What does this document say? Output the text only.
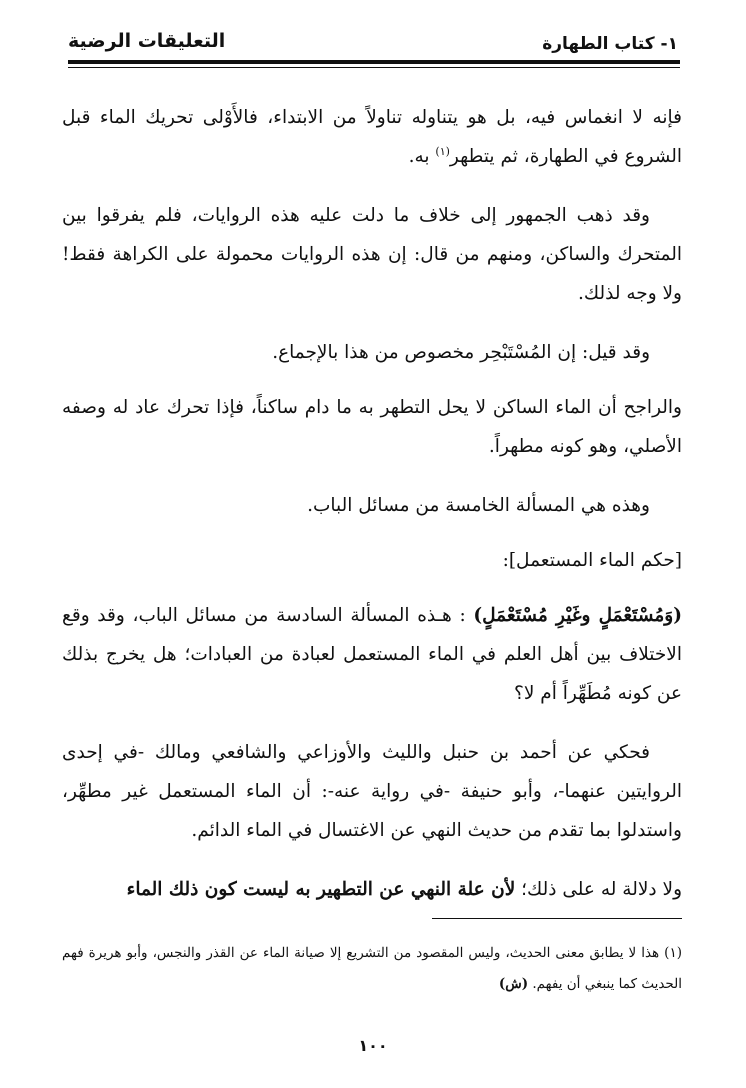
١- كتاب الطهارة
التعليقات الرضية

فإنه لا انغماس فيه، بل هو يتناوله تناولاً من الابتداء، فالأَوْلى تحريك الماء قبل الشروع في الطهارة، ثم يتطهر$^{(١)}$ به.

وقد ذهب الجمهور إلى خلاف ما دلت عليه هذه الروايات، فلم يفرقوا بين المتحرك والساكن، ومنهم من قال: إن هذه الروايات محمولة على الكراهة فقط! ولا وجه لذلك.

وقد قيل: إن المُسْتَبْحِر مخصوص من هذا بالإجماع.

والراجح أن الماء الساكن لا يحل التطهر به ما دام ساكناً، فإذا تحرك عاد له وصفه الأصلي، وهو كونه مطهراً.

وهذه هي المسألة الخامسة من مسائل الباب.

[حكم الماء المستعمل]:

(وَمُسْتَعْمَلٍ وغَيْرِ مُسْتَعْمَلٍ) : هـذه المسألة السادسة من مسائل الباب، وقد وقع الاختلاف بين أهل العلم في الماء المستعمل لعبادة من العبادات؛ هل يخرج بذلك عن كونه مُطَهِّراً أم لا؟

فحكي عن أحمد بن حنبل والليث والأوزاعي والشافعي ومالك -في إحدى الروايتين عنهما-، وأبو حنيفة -في رواية عنه-: أن الماء المستعمل غير مطهِّر، واستدلوا بما تقدم من حديث النهي عن الاغتسال في الماء الدائم.

ولا دلالة له على ذلك؛ لأن علة النهي عن التطهير به ليست كون ذلك الماء

(١) هذا لا يطابق معنى الحديث، وليس المقصود من التشريع إلا صيانة الماء عن القذر والنجس، وأبو هريرة فهم الحديث كما ينبغي أن يفهم. (ش)
١٠٠
